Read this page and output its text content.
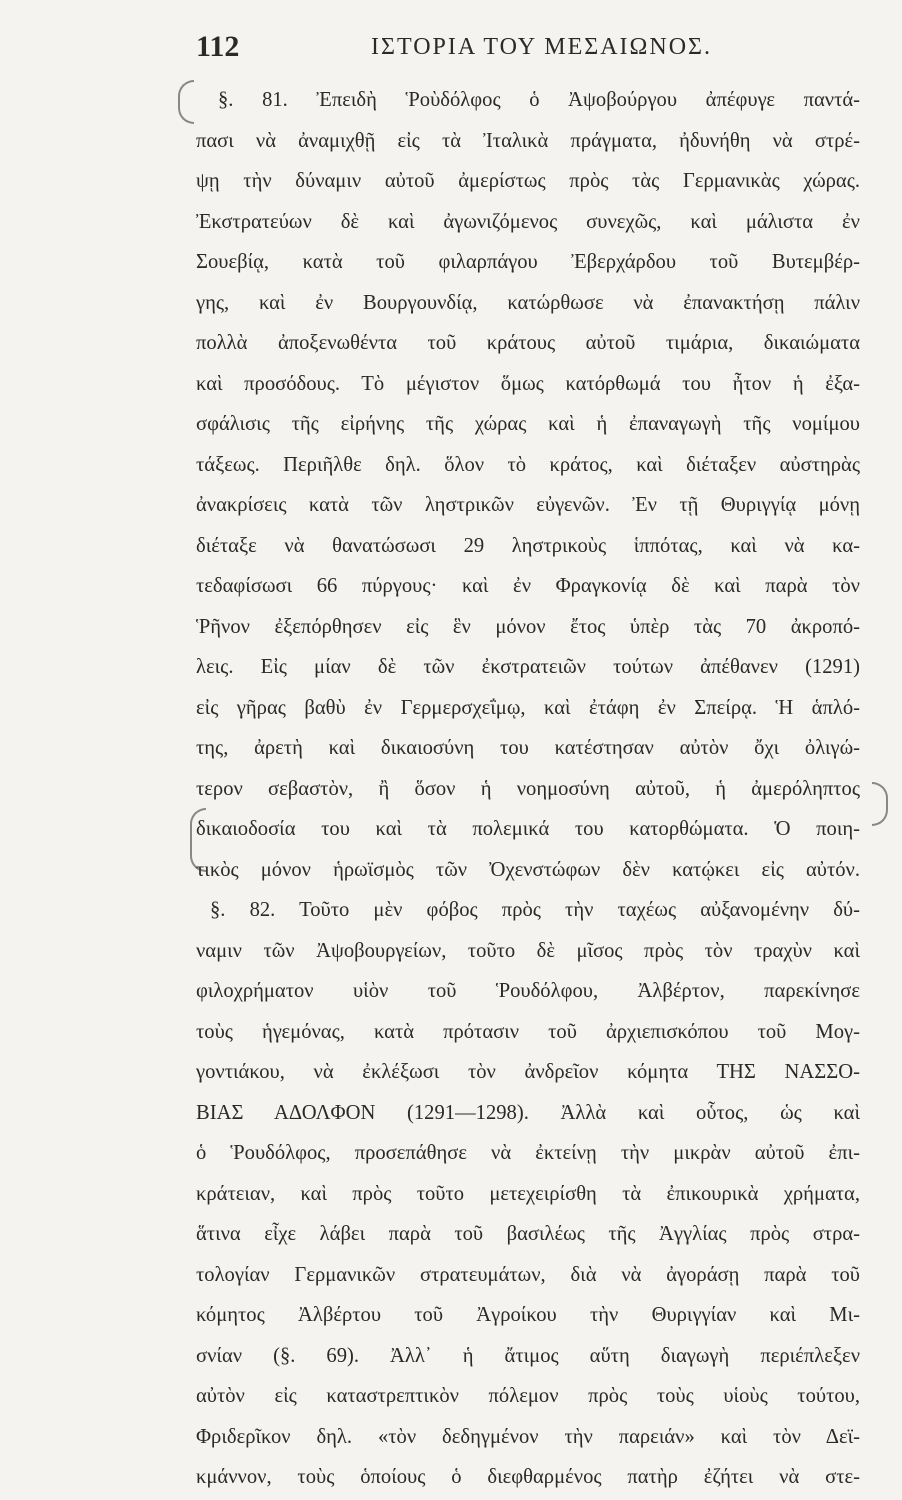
112	ΙΣΤΟΡΙΑ ΤΟΥ ΜΕΣΑΙΩΝΟΣ.
§. 81. Ἐπειδὴ Ῥοὺδόλφος ὁ Ἀψοβούργου ἀπέφυγε παντά-
πασι νὰ ἀναμιχθῇ εἰς τὰ Ἰταλικὰ πράγματα, ἠδυνήθη νὰ στρέ-
ψῃ τὴν δύναμιν αὐτοῦ ἀμερίστως πρὸς τὰς Γερμανικὰς χώρας.
Ἐκστρατεύων δὲ καὶ ἀγωνιζόμενος συνεχῶς, καὶ μάλιστα ἐν
Σουεβίᾳ, κατὰ τοῦ φιλαρπάγου Ἐβερχάρδου τοῦ Βυτεμβέρ-
γης, καὶ ἐν Βουργουνδίᾳ, κατώρθωσε νὰ ἐπανακτήσῃ πάλιν
πολλὰ ἀποξενωθέντα τοῦ κράτους αὐτοῦ τιμάρια, δικαιώματα
καὶ προσόδους. Τὸ μέγιστον ὅμως κατόρθωμά του ἦτον ἡ ἐξα-
σφάλισις τῆς εἰρήνης τῆς χώρας καὶ ἡ ἐπαναγωγὴ τῆς νομίμου
τάξεως. Περιῆλθε δηλ. ὅλον τὸ κράτος, καὶ διέταξεν αὐστηρὰς
ἀνακρίσεις κατὰ τῶν ληστρικῶν εὐγενῶν. Ἐν τῇ Θυριγγίᾳ μόνῃ
διέταξε νὰ θανατώσωσι 29 ληστρικοὺς ἱππότας, καὶ νὰ κα-
τεδαφίσωσι 66 πύργους· καὶ ἐν Φραγκονίᾳ δὲ καὶ παρὰ τὸν
Ῥῆνον ἐξεπόρθησεν εἰς ἓν μόνον ἔτος ὑπὲρ τὰς 70 ἀκροπό-
λεις. Εἰς μίαν δὲ τῶν ἐκστρατειῶν τούτων ἀπέθανεν (1291)
εἰς γῆρας βαθὺ ἐν Γερμερσχεΐμῳ, καὶ ἐτάφη ἐν Σπείρᾳ. Ἡ ἁπλό-
της, ἀρετὴ καὶ δικαιοσύνη του κατέστησαν αὐτὸν ὄχι ὀλιγώ-
τερον σεβαστὸν, ἢ ὅσον ἡ νοημοσύνη αὐτοῦ, ἡ ἀμερόληπτος
δικαιοδοσία του καὶ τὰ πολεμικά του κατορθώματα. Ὁ ποιη-
τικὸς μόνον ἡρωϊσμὸς τῶν Ὀχενστώφων δὲν κατῴκει εἰς αὐτόν.
§. 82. Τοῦτο μὲν φόβος πρὸς τὴν ταχέως αὐξανομένην δύ-
ναμιν τῶν Ἀψοβουργείων, τοῦτο δὲ μῖσος πρὸς τὸν τραχὺν καὶ
φιλοχρήματον υἱὸν τοῦ Ῥουδόλφου, Ἀλβέρτον, παρεκίνησε
τοὺς ἡγεμόνας, κατὰ πρότασιν τοῦ ἀρχιεπισκόπου τοῦ Μογ-
γοντιάκου, νὰ ἐκλέξωσι τὸν ἀνδρεῖον κόμητα ΤΗΣ ΝΑΣΣΟ-
ΒΙΑΣ ΑΔΟΛΦΟΝ (1291—1298). Ἀλλὰ καὶ οὗτος, ὡς καὶ
ὁ Ῥουδόλφος, προσεπάθησε νὰ ἐκτείνῃ τὴν μικρὰν αὐτοῦ ἐπι-
κράτειαν, καὶ πρὸς τοῦτο μετεχειρίσθη τὰ ἐπικουρικὰ χρήματα,
ἅτινα εἶχε λάβει παρὰ τοῦ βασιλέως τῆς Ἀγγλίας πρὸς στρα-
τολογίαν Γερμανικῶν στρατευμάτων, διὰ νὰ ἀγοράσῃ παρὰ τοῦ
κόμητος Ἀλβέρτου τοῦ Ἀγροίκου τὴν Θυριγγίαν καὶ Μι-
σνίαν (§. 69). Ἀλλ᾽ ἡ ἄτιμος αὕτη διαγωγὴ περιέπλεξεν
αὐτὸν εἰς καταστρεπτικὸν πόλεμον πρὸς τοὺς υἱοὺς τούτου,
Φριδερῖκον δηλ. «τὸν δεδηγμένον τὴν παρειάν» καὶ τὸν Δεϊ-
κμάννον, τοὺς ὁποίους ὁ διεφθαρμένος πατὴρ ἐζήτει νὰ στε-
